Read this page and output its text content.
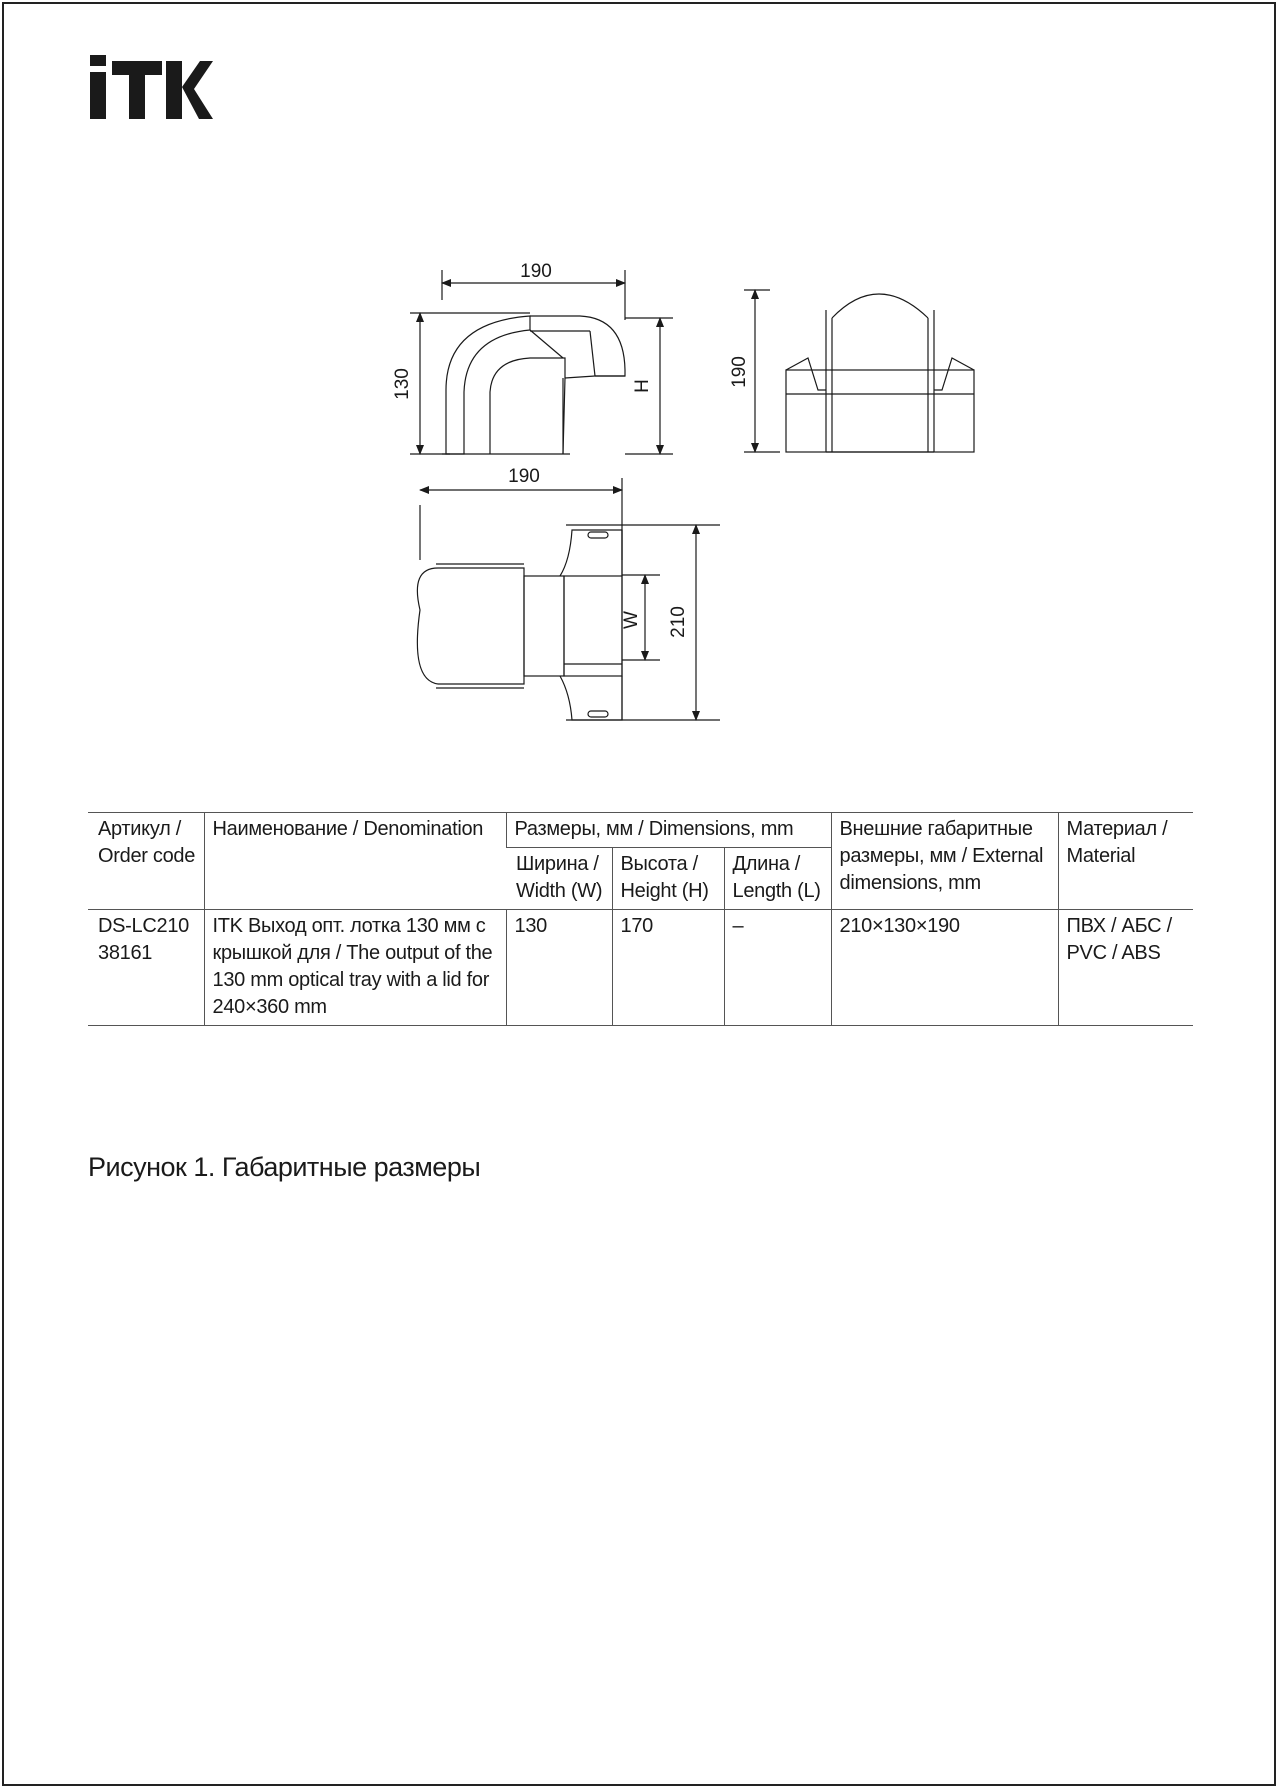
190
130	H	190
190
W 210
Артикул / Order code	Наименование / Denomination	Размеры, мм / Dimensions, mm			Внешние габаритные размеры, мм / External dimensions, mm	Материал / Material
		Ширина / Width (W)	Высота / Height (H)	Длина / Length (L)		
DS-LC21038161	ITK Выход опт. лотка 130 мм с крышкой для / The output of the 130 mm optical tray with a lid for 240×360 mm	130	170	–	210×130×190	ПВХ / АБС / PVC / ABS
Рисунок 1. Габаритные размеры
